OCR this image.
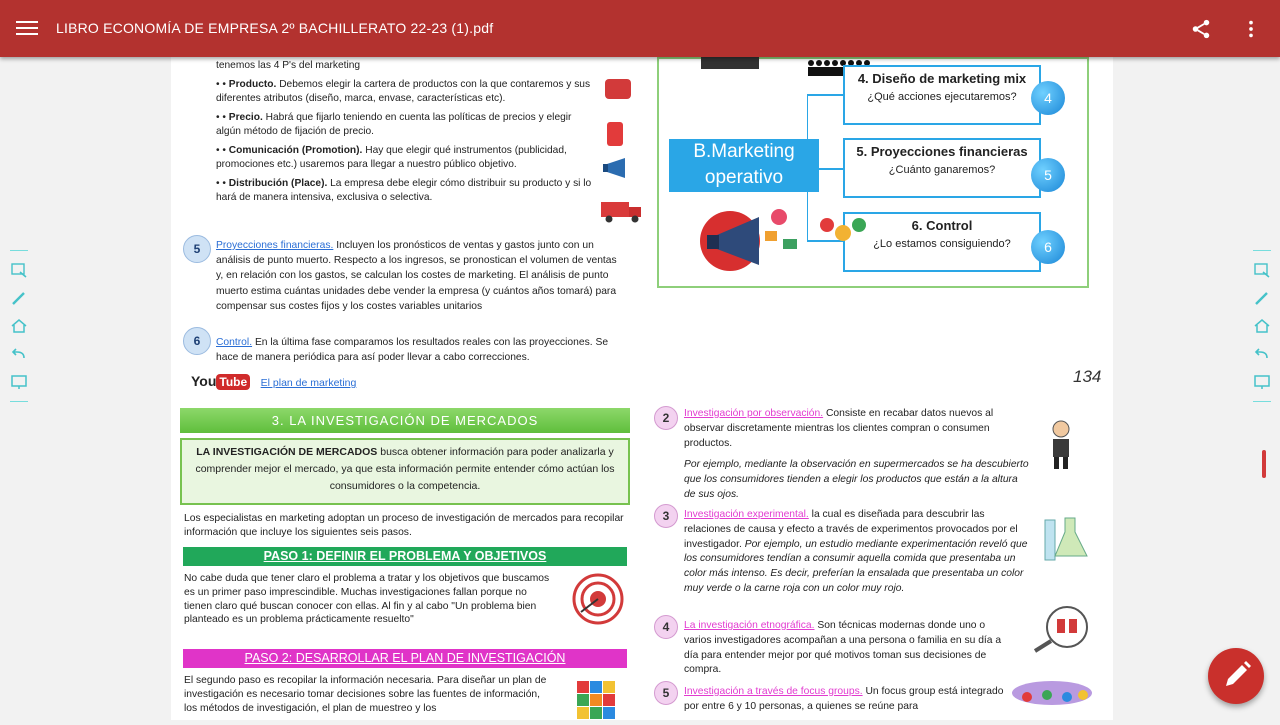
LIBRO ECONOMÍA DE EMPRESA 2º BACHILLERATO 22-23 (1).pdf
tenemos las 4 P's del marketing
• • Producto. Debemos elegir la cartera de productos con la que contaremos y sus diferentes atributos (diseño, marca, envase, características etc).
• • Precio. Habrá que fijarlo teniendo en cuenta las políticas de precios y elegir algún método de fijación de precio.
• • Comunicación (Promotion). Hay que elegir qué instrumentos (publicidad, promociones etc.) usaremos para llegar a nuestro público objetivo.
• • Distribución (Place). La empresa debe elegir cómo distribuir su producto y si lo hará de manera intensiva, exclusiva o selectiva.
5	Proyecciones financieras. Incluyen los pronósticos de ventas y gastos junto con un análisis de punto muerto. Respecto a los ingresos, se pronostican el volumen de ventas y, en relación con los gastos, se calculan los costes de marketing. El análisis de punto muerto estima cuántas unidades debe vender la empresa (y cuántos años tomará) para compensar sus costes fijos y los costes variables unitarios
6	Control. En la última fase comparamos los resultados reales con las proyecciones. Se hace de manera periódica para así poder llevar a cabo correcciones.
You Tube El plan de marketing
B.Marketing operativo
4. Diseño de marketing mix
¿Qué acciones ejecutaremos?	4
5. Proyecciones financieras
¿Cuánto ganaremos?	5
6. Control
¿Lo estamos consiguiendo?	6
134
3. LA INVESTIGACIÓN DE MERCADOS
LA INVESTIGACIÓN DE MERCADOS busca obtener información para poder analizarla y comprender mejor el mercado, ya que esta información permite entender cómo actúan los consumidores o la competencia.
Los especialistas en marketing adoptan un proceso de investigación de mercados para recopilar información que incluye los siguientes seis pasos.
PASO 1: DEFINIR EL PROBLEMA Y OBJETIVOS
No cabe duda que tener claro el problema a tratar y los objetivos que buscamos es un primer paso imprescindible. Muchas investigaciones fallan porque no tienen claro qué buscan conocer con ellas. Al fin y al cabo "Un problema bien planteado es un problema prácticamente resuelto"
PASO 2: DESARROLLAR EL PLAN DE INVESTIGACIÓN
El segundo paso es recopilar la información necesaria. Para diseñar un plan de investigación es necesario tomar decisiones sobre las fuentes de información, los métodos de investigación, el plan de muestreo y los
2	Investigación por observación. Consiste en recabar datos nuevos al observar discretamente mientras los clientes compran o consumen productos.
Por ejemplo, mediante la observación en supermercados se ha descubierto que los consumidores tienden a elegir los productos que están a la altura de sus ojos.
3	Investigación experimental. la cual es diseñada para descubrir las relaciones de causa y efecto a través de experimentos provocados por el investigador. Por ejemplo, un estudio mediante experimentación reveló que los consumidores tendían a consumir aquella comida que presentaba un color más intenso. Es decir, preferían la ensalada que presentaba un color muy verde o la carne roja con un color muy rojo.
4	La investigación etnográfica. Son técnicas modernas donde uno o varios investigadores acompañan a una persona o familia en su día a día para entender mejor por qué motivos toman sus decisiones de compra.
5	Investigación a través de focus groups. Un focus group está integrado por entre 6 y 10 personas, a quienes se reúne para
